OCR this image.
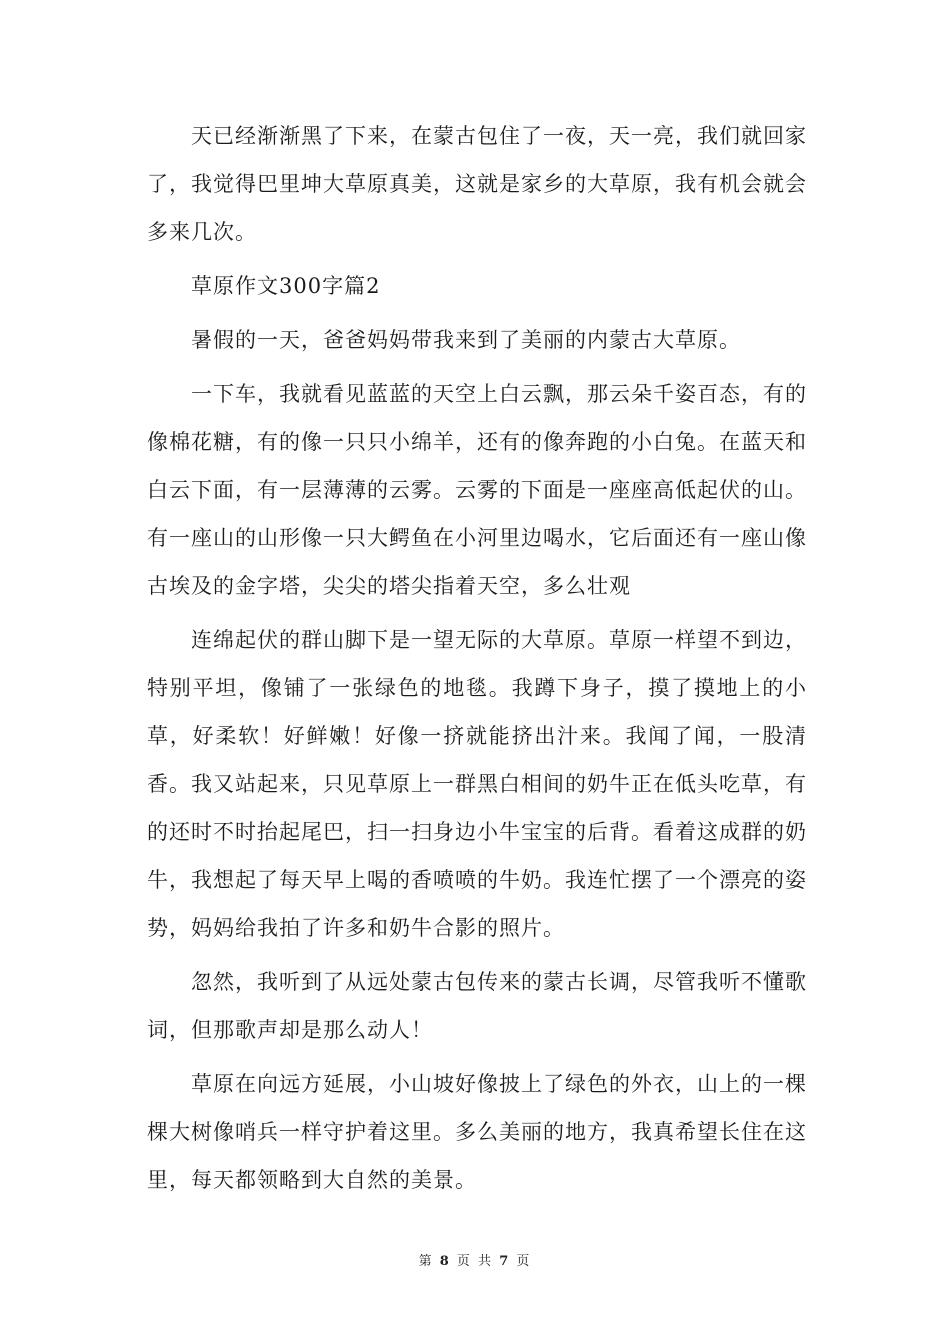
天已经渐渐黑了下来，在蒙古包住了一夜，天一亮，我们就回家了，我觉得巴里坤大草原真美，这就是家乡的大草原，我有机会就会多来几次。

草原作文300字篇2

暑假的一天，爸爸妈妈带我来到了美丽的内蒙古大草原。

一下车，我就看见蓝蓝的天空上白云飘，那云朵千姿百态，有的像棉花糖，有的像一只只小绵羊，还有的像奔跑的小白兔。在蓝天和白云下面，有一层薄薄的云雾。云雾的下面是一座座高低起伏的山。有一座山的山形像一只大鳄鱼在小河里边喝水，它后面还有一座山像古埃及的金字塔，尖尖的塔尖指着天空，多么壮观

连绵起伏的群山脚下是一望无际的大草原。草原一样望不到边，特别平坦，像铺了一张绿色的地毯。我蹲下身子，摸了摸地上的小草，好柔软！好鲜嫩！好像一挤就能挤出汁来。我闻了闻，一股清香。我又站起来，只见草原上一群黑白相间的奶牛正在低头吃草，有的还时不时抬起尾巴，扫一扫身边小牛宝宝的后背。看着这成群的奶牛，我想起了每天早上喝的香喷喷的牛奶。我连忙摆了一个漂亮的姿势，妈妈给我拍了许多和奶牛合影的照片。

忽然，我听到了从远处蒙古包传来的蒙古长调，尽管我听不懂歌词，但那歌声却是那么动人！

草原在向远方延展，小山坡好像披上了绿色的外衣，山上的一棵棵大树像哨兵一样守护着这里。多么美丽的地方，我真希望长住在这里，每天都领略到大自然的美景。

第 8 页 共 7 页
